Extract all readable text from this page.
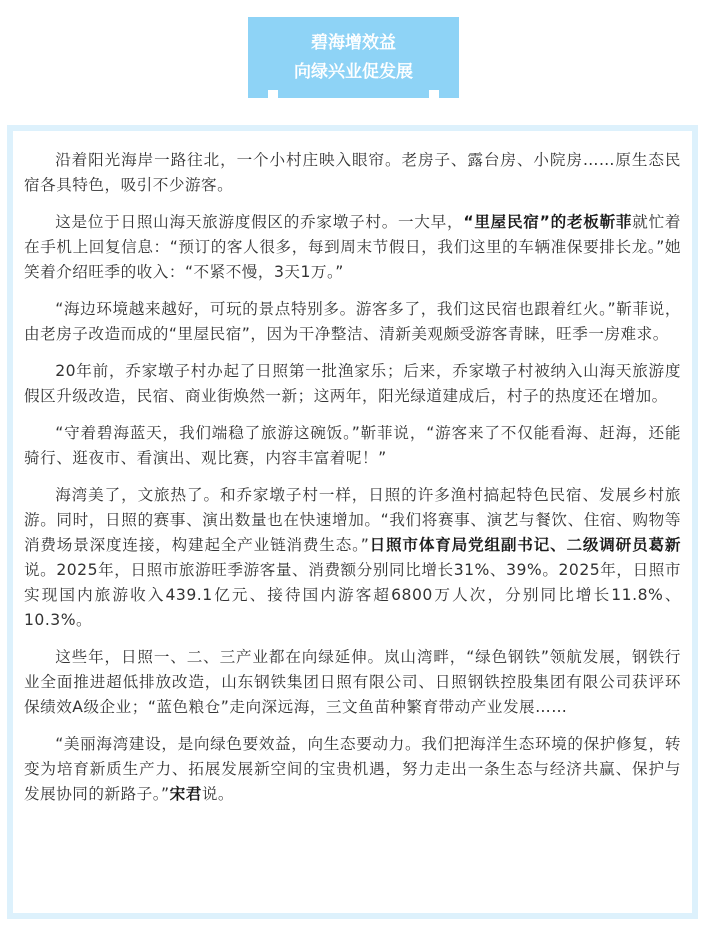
碧海增效益
向绿兴业促发展

沿着阳光海岸一路往北，一个小村庄映入眼帘。老房子、露台房、小院房……原生态民宿各具特色，吸引不少游客。

这是位于日照山海天旅游度假区的乔家墩子村。一大早，“里屋民宿”的老板靳菲就忙着在手机上回复信息：“预订的客人很多，每到周末节假日，我们这里的车辆准保要排长龙。”她笑着介绍旺季的收入：“不紧不慢，3天1万。”

“海边环境越来越好，可玩的景点特别多。游客多了，我们这民宿也跟着红火。”靳菲说，由老房子改造而成的“里屋民宿”，因为干净整洁、清新美观颇受游客青睐，旺季一房难求。

20年前，乔家墩子村办起了日照第一批渔家乐；后来，乔家墩子村被纳入山海天旅游度假区升级改造，民宿、商业街焕然一新；这两年，阳光绿道建成后，村子的热度还在增加。

“守着碧海蓝天，我们端稳了旅游这碗饭。”靳菲说，“游客来了不仅能看海、赶海，还能骑行、逛夜市、看演出、观比赛，内容丰富着呢！”

海湾美了，文旅热了。和乔家墩子村一样，日照的许多渔村搞起特色民宿、发展乡村旅游。同时，日照的赛事、演出数量也在快速增加。“我们将赛事、演艺与餐饮、住宿、购物等消费场景深度连接，构建起全产业链消费生态。”日照市体育局党组副书记、二级调研员葛新说。2025年，日照市旅游旺季游客量、消费额分别同比增长31%、39%。2025年，日照市实现国内旅游收入439.1亿元、接待国内游客超6800万人次，分别同比增长11.8%、10.3%。

这些年，日照一、二、三产业都在向绿延伸。岚山湾畔，“绿色钢铁”领航发展，钢铁行业全面推进超低排放改造，山东钢铁集团日照有限公司、日照钢铁控股集团有限公司获评环保绩效A级企业；“蓝色粮仓”走向深远海，三文鱼苗种繁育带动产业发展……

“美丽海湾建设，是向绿色要效益，向生态要动力。我们把海洋生态环境的保护修复，转变为培育新质生产力、拓展发展新空间的宝贵机遇，努力走出一条生态与经济共赢、保护与发展协同的新路子。”宋君说。
